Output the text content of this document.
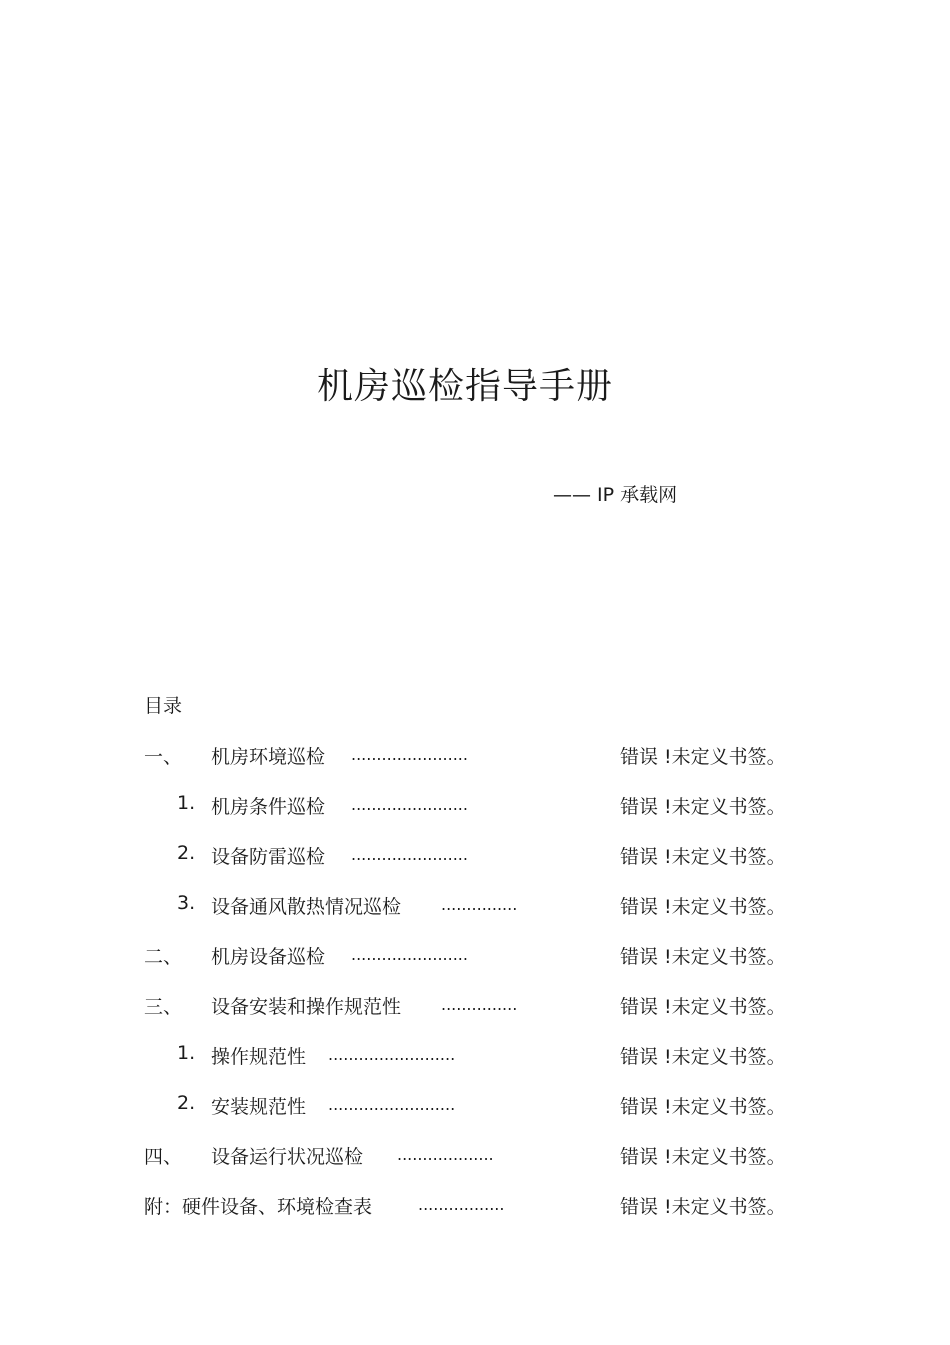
机房巡检指导手册
—— IP 承载网
目录
一、 机房环境巡检 .......................	错误 !未定义书签。
1. 机房条件巡检 .......................	错误 !未定义书签。
2. 设备防雷巡检 .......................	错误 !未定义书签。
3. 设备通风散热情况巡检 ...............	错误 !未定义书签。
二、 机房设备巡检 .......................	错误 !未定义书签。
三、 设备安装和操作规范性 ...............	错误 !未定义书签。
1. 操作规范性 .........................	错误 !未定义书签。
2. 安装规范性 .........................	错误 !未定义书签。
四、 设备运行状况巡检 ...................	错误 !未定义书签。
附：硬件设备、环境检查表	.................	错误 !未定义书签。
